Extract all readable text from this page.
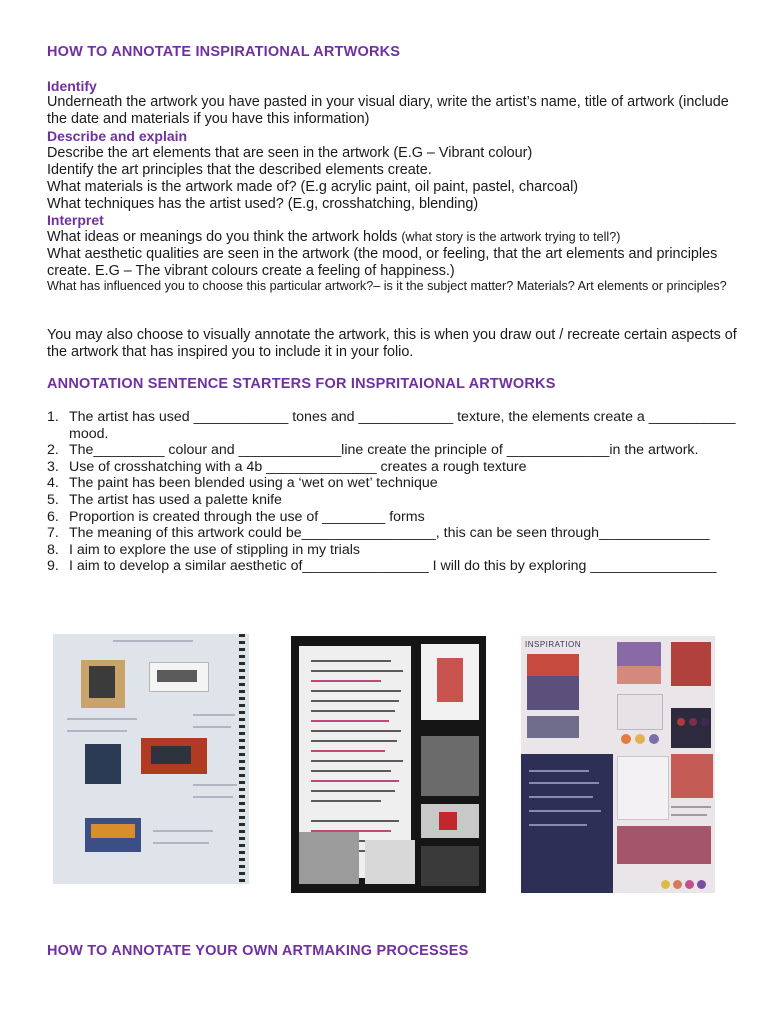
HOW TO ANNOTATE INSPIRATIONAL ARTWORKS
Identify

Underneath the artwork you have pasted in your visual diary, write the artist’s name, title of artwork (include the date and materials if you have this information)

Describe and explain

Describe the art elements that are seen in the artwork (E.G – Vibrant colour)

Identify the art principles that the described elements create.

What materials is the artwork made of? (E.g acrylic paint, oil paint, pastel, charcoal)

What techniques has the artist used? (E.g, crosshatching, blending)

Interpret

What ideas or meanings do you think the artwork holds (what story is the artwork trying to tell?)

What aesthetic qualities are seen in the artwork (the mood, or feeling, that the art elements and principles create. E.G – The vibrant colours create a feeling of happiness.)

What has influenced you to choose this particular artwork?– is it the subject matter? Materials? Art elements or principles?

You may also choose to visually annotate the artwork, this is when you draw out / recreate certain aspects of the artwork that has inspired you to include it in your folio.

ANNOTATION SENTENCE STARTERS FOR INSPRITAIONAL ARTWORKS
1. The artist has used ____________ tones and ____________ texture, the elements create a ___________ mood.
2. The_________ colour and _____________line create the principle of _____________in the artwork.
3. Use of crosshatching with a 4b ______________ creates a rough texture
4. The paint has been blended using a ‘wet on wet’ technique
5. The artist has used a palette knife
6. Proportion is created through the use of ________ forms
7. The meaning of this artwork could be_________________, this can be seen through______________
8. I aim to explore the use of stippling in my trials
9. I aim to develop a similar aesthetic of________________ I will do this by exploring ________________
INSPIRATION
HOW TO ANNOTATE YOUR OWN ARTMAKING PROCESSES
